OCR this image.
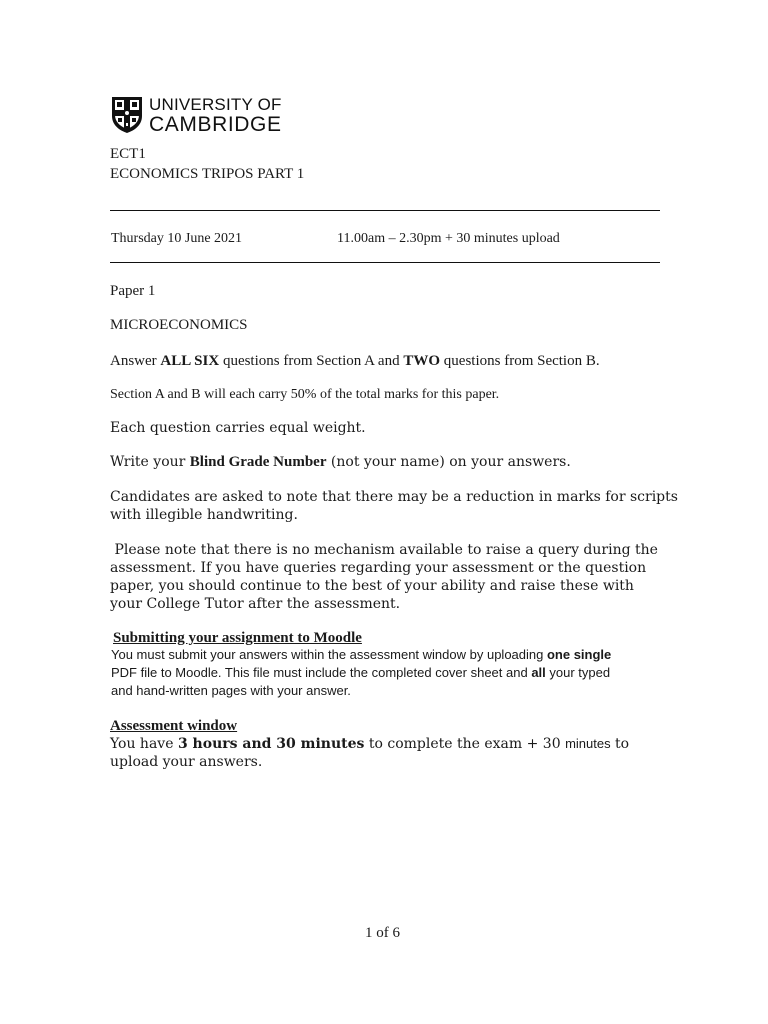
UNIVERSITY OF
CAMBRIDGE
ECT1
ECONOMICS TRIPOS PART 1
Thursday 10 June 2021	11.00am – 2.30pm + 30 minutes upload
Paper 1
MICROECONOMICS
Answer ALL SIX questions from Section A and TWO questions from Section B.
Section A and B will each carry 50% of the total marks for this paper.
Each question carries equal weight.
Write your Blind Grade Number (not your name) on your answers.
Candidates are asked to note that there may be a reduction in marks for scripts
with illegible handwriting.
Please note that there is no mechanism available to raise a query during the
assessment. If you have queries regarding your assessment or the question
paper, you should continue to the best of your ability and raise these with
your College Tutor after the assessment.
Submitting your assignment to Moodle
You must submit your answers within the assessment window by uploading one single
PDF file to Moodle. This file must include the completed cover sheet and all your typed
and hand-written pages with your answer.
Assessment window
You have 3 hours and 30 minutes to complete the exam + 30 minutes to
upload your answers.
1 of 6
